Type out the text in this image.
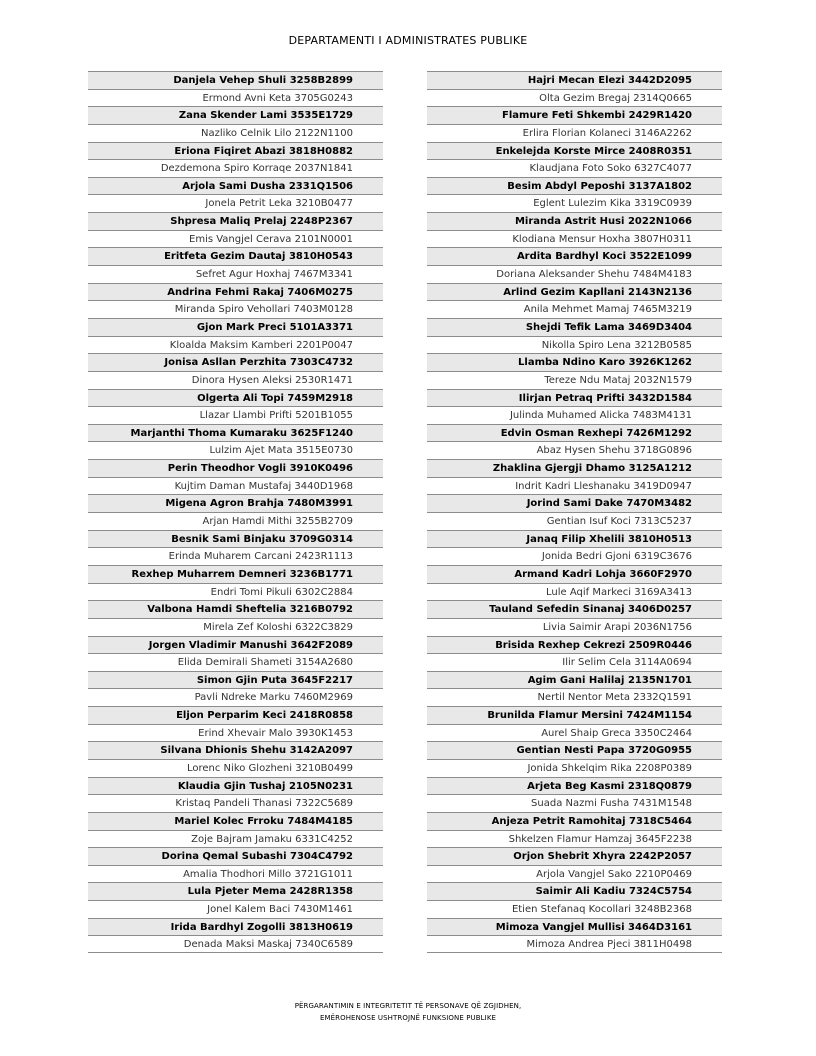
DEPARTAMENTI I ADMINISTRATES PUBLIKE
Danjela Vehep Shuli 3258B2899
Ermond Avni Keta 3705G0243
Zana Skender Lami 3535E1729
Nazliko Celnik Lilo 2122N1100
Eriona Fiqiret Abazi 3818H0882
Dezdemona Spiro Korraqe 2037N1841
Arjola Sami Dusha 2331Q1506
Jonela Petrit Leka 3210B0477
Shpresa Maliq Prelaj 2248P2367
Emis Vangjel Cerava 2101N0001
Eritfeta Gezim Dautaj 3810H0543
Sefret Agur Hoxhaj 7467M3341
Andrina Fehmi Rakaj 7406M0275
Miranda Spiro Vehollari 7403M0128
Gjon Mark Preci 5101A3371
Kloalda Maksim Kamberi 2201P0047
Jonisa Asllan Perzhita 7303C4732
Dinora Hysen Aleksi 2530R1471
Olgerta Ali Topi 7459M2918
Llazar Llambi Prifti 5201B1055
Marjanthi Thoma Kumaraku 3625F1240
Lulzim Ajet Mata 3515E0730
Perin Theodhor Vogli 3910K0496
Kujtim Daman Mustafaj 3440D1968
Migena Agron Brahja 7480M3991
Arjan Hamdi Mithi 3255B2709
Besnik Sami Binjaku 3709G0314
Erinda Muharem Carcani 2423R1113
Rexhep Muharrem Demneri 3236B1771
Endri Tomi Pikuli 6302C2884
Valbona Hamdi Sheftelia 3216B0792
Mirela Zef Koloshi 6322C3829
Jorgen Vladimir Manushi 3642F2089
Elida Demirali Shameti 3154A2680
Simon Gjin Puta 3645F2217
Pavli Ndreke Marku 7460M2969
Eljon Perparim Keci 2418R0858
Erind Xhevair Malo 3930K1453
Silvana Dhionis Shehu 3142A2097
Lorenc Niko Glozheni 3210B0499
Klaudia Gjin Tushaj 2105N0231
Kristaq Pandeli Thanasi 7322C5689
Mariel Kolec Frroku 7484M4185
Zoje Bajram Jamaku 6331C4252
Dorina Qemal Subashi 7304C4792
Amalia Thodhori Millo 3721G1011
Lula Pjeter Mema 2428R1358
Jonel Kalem Baci 7430M1461
Irida Bardhyl Zogolli 3813H0619
Denada Maksi Maskaj 7340C6589
Hajri Mecan Elezi 3442D2095
Olta Gezim Bregaj 2314Q0665
Flamure Feti Shkembi 2429R1420
Erlira Florian Kolaneci 3146A2262
Enkelejda Korste Mirce 2408R0351
Klaudjana Foto Soko 6327C4077
Besim Abdyl Peposhi 3137A1802
Eglent Lulezim Kika 3319C0939
Miranda Astrit Husi 2022N1066
Klodiana Mensur Hoxha 3807H0311
Ardita Bardhyl Koci 3522E1099
Doriana Aleksander Shehu 7484M4183
Arlind Gezim Kapllani 2143N2136
Anila Mehmet Mamaj 7465M3219
Shejdi Tefik Lama 3469D3404
Nikolla Spiro Lena 3212B0585
Llamba Ndino Karo 3926K1262
Tereze Ndu Mataj 2032N1579
Ilirjan Petraq Prifti 3432D1584
Julinda Muhamed Alicka 7483M4131
Edvin Osman Rexhepi 7426M1292
Abaz Hysen Shehu 3718G0896
Zhaklina Gjergji Dhamo 3125A1212
Indrit Kadri Lleshanaku 3419D0947
Jorind Sami Dake 7470M3482
Gentian Isuf Koci 7313C5237
Janaq Filip Xhelili 3810H0513
Jonida Bedri Gjoni 6319C3676
Armand Kadri Lohja 3660F2970
Lule Aqif Markeci 3169A3413
Tauland Sefedin Sinanaj 3406D0257
Livia Saimir Arapi 2036N1756
Brisida Rexhep Cekrezi 2509R0446
Ilir Selim Cela 3114A0694
Agim Gani Halilaj 2135N1701
Nertil Nentor Meta 2332Q1591
Brunilda Flamur Mersini 7424M1154
Aurel Shaip Greca 3350C2464
Gentian Nesti Papa 3720G0955
Jonida Shkelqim Rika 2208P0389
Arjeta Beg Kasmi 2318Q0879
Suada Nazmi Fusha 7431M1548
Anjeza Petrit Ramohitaj 7318C5464
Shkelzen Flamur Hamzaj 3645F2238
Orjon Shebrit Xhyra 2242P2057
Arjola Vangjel Sako 2210P0469
Saimir Ali Kadiu 7324C5754
Etien Stefanaq Kocollari 3248B2368
Mimoza Vangjel Mullisi 3464D3161
Mimoza Andrea Pjeci 3811H0498
PËRGARANTIMIN E INTEGRITETIT TË PERSONAVE QË ZGJIDHEN,
EMËROHENOSE USHTROJNË FUNKSIONE PUBLIKE
